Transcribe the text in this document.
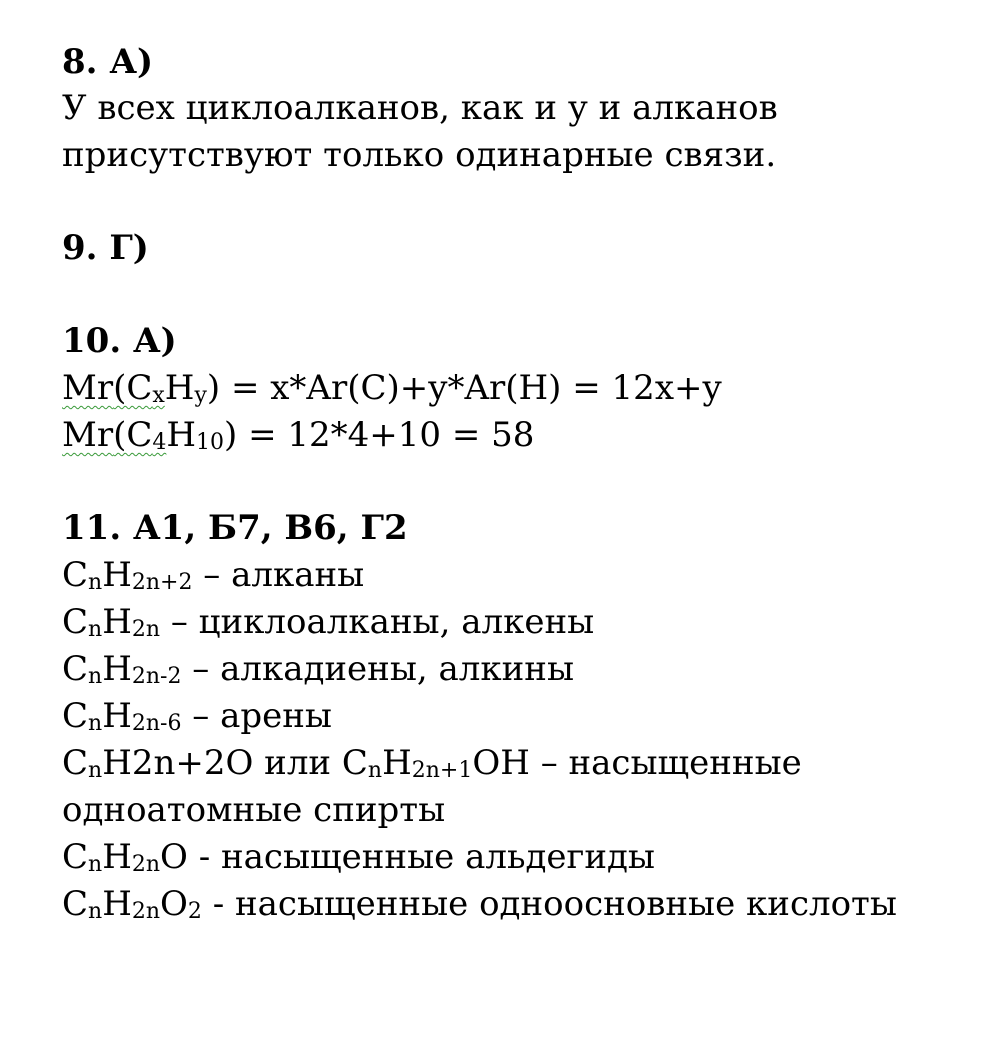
8. А)
У всех циклоалканов, как и у и алканов
присутствуют только одинарные связи.
9. Г)
10. А)
Mr(CxHy) = x*Ar(C)+y*Ar(H) = 12x+y
Mr(C4H10) = 12*4+10 = 58
11. А1, Б7, В6, Г2
CnH2n+2 – алканы
CnH2n – циклоалканы, алкены
CnH2n-2 – алкадиены, алкины
CnH2n-6 – арены
CnH2n+2O или CnH2n+1OH – насыщенные
одноатомные спирты
CnH2nO - насыщенные альдегиды
CnH2nO2 - насыщенные одноосновные кислоты
